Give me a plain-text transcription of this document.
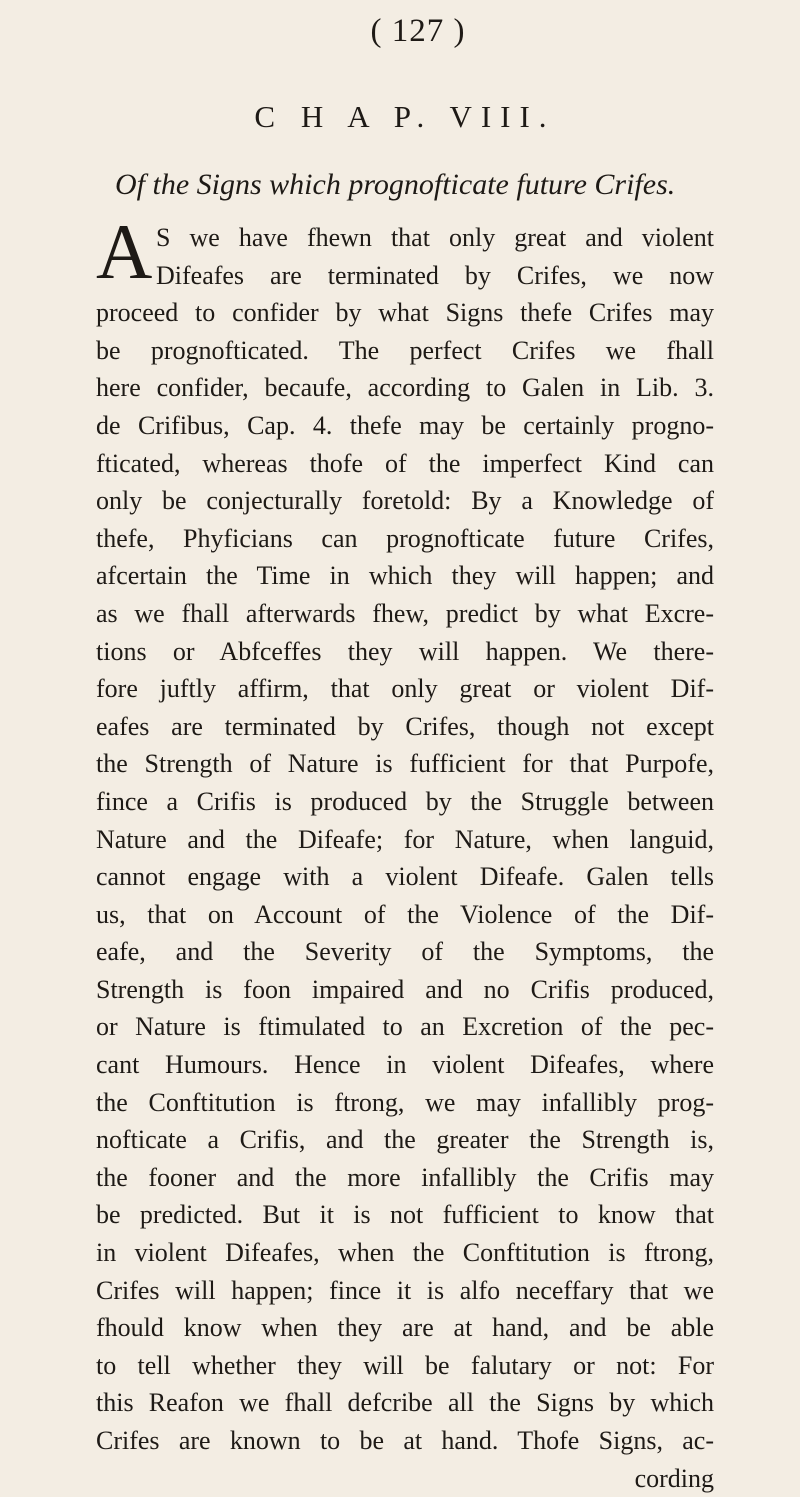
( 127 )
C H A P. VIII.
Of the Signs which prognofticate future Crifes.
A S we have fhewn that only great and violent
Difeafes are terminated by Crifes, we now
proceed to confider by what Signs thefe Crifes may
be prognofticated. The perfect Crifes we fhall
here confider, becaufe, according to Galen in Lib. 3.
de Crifibus, Cap. 4. thefe may be certainly progno-
fticated, whereas thofe of the imperfect Kind can
only be conjecturally foretold: By a Knowledge of
thefe, Phyficians can prognofticate future Crifes,
afcertain the Time in which they will happen; and
as we fhall afterwards fhew, predict by what Excre-
tions or Abfceffes they will happen. We there-
fore juftly affirm, that only great or violent Dif-
eafes are terminated by Crifes, though not except
the Strength of Nature is fufficient for that Purpofe,
fince a Crifis is produced by the Struggle between
Nature and the Difeafe; for Nature, when languid,
cannot engage with a violent Difeafe. Galen tells
us, that on Account of the Violence of the Dif-
eafe, and the Severity of the Symptoms, the
Strength is foon impaired and no Crifis produced,
or Nature is ftimulated to an Excretion of the pec-
cant Humours. Hence in violent Difeafes, where
the Conftitution is ftrong, we may infallibly prog-
nofticate a Crifis, and the greater the Strength is,
the fooner and the more infallibly the Crifis may
be predicted. But it is not fufficient to know that
in violent Difeafes, when the Conftitution is ftrong,
Crifes will happen; fince it is alfo neceffary that we
fhould know when they are at hand, and be able
to tell whether they will be falutary or not: For
this Reafon we fhall defcribe all the Signs by which
Crifes are known to be at hand. Thofe Signs, ac-
cording
